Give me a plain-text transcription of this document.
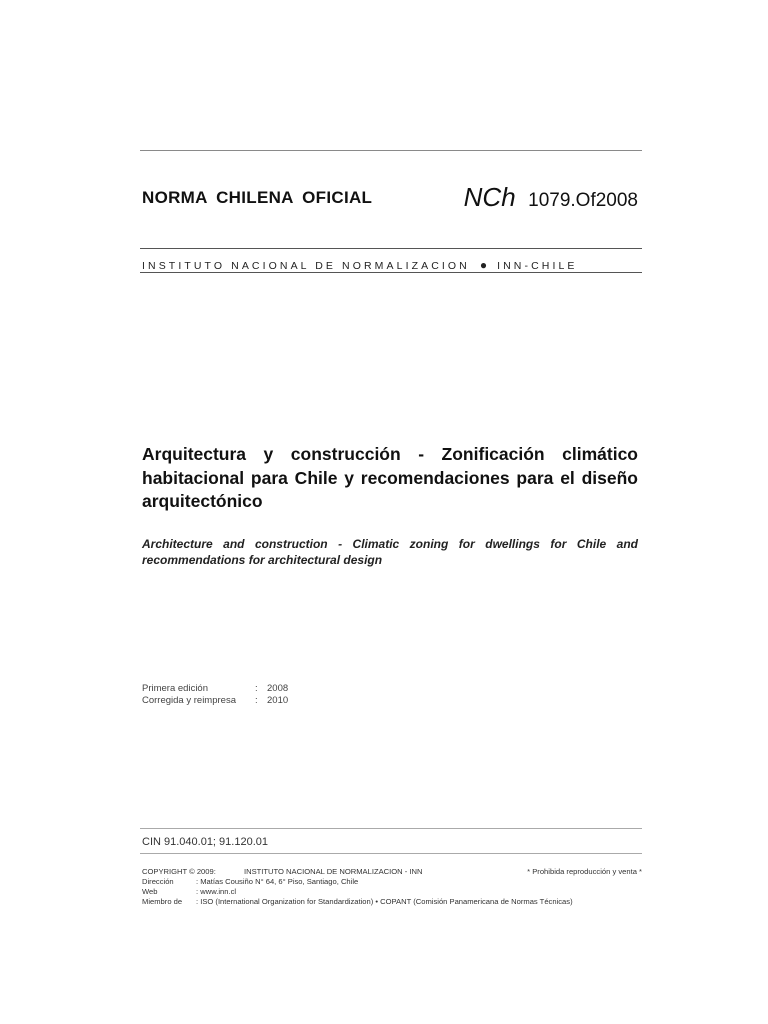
NORMA CHILENA OFICIAL	NCh 1079.Of2008
INSTITUTO NACIONAL DE NORMALIZACION ● INN-CHILE
Arquitectura y construcción - Zonificación climático habitacional para Chile y recomendaciones para el diseño arquitectónico
Architecture and construction - Climatic zoning for dwellings for Chile and recommendations for architectural design
Primera edición	: 2008
Corregida y reimpresa	: 2010
CIN 91.040.01; 91.120.01
COPYRIGHT © 2009:	INSTITUTO NACIONAL DE NORMALIZACION - INN	* Prohibida reproducción y venta *
Dirección	: Matías Cousiño N° 64, 6° Piso, Santiago, Chile
Web	: www.inn.cl
Miembro de	: ISO (International Organization for Standardization) • COPANT (Comisión Panamericana de Normas Técnicas)
